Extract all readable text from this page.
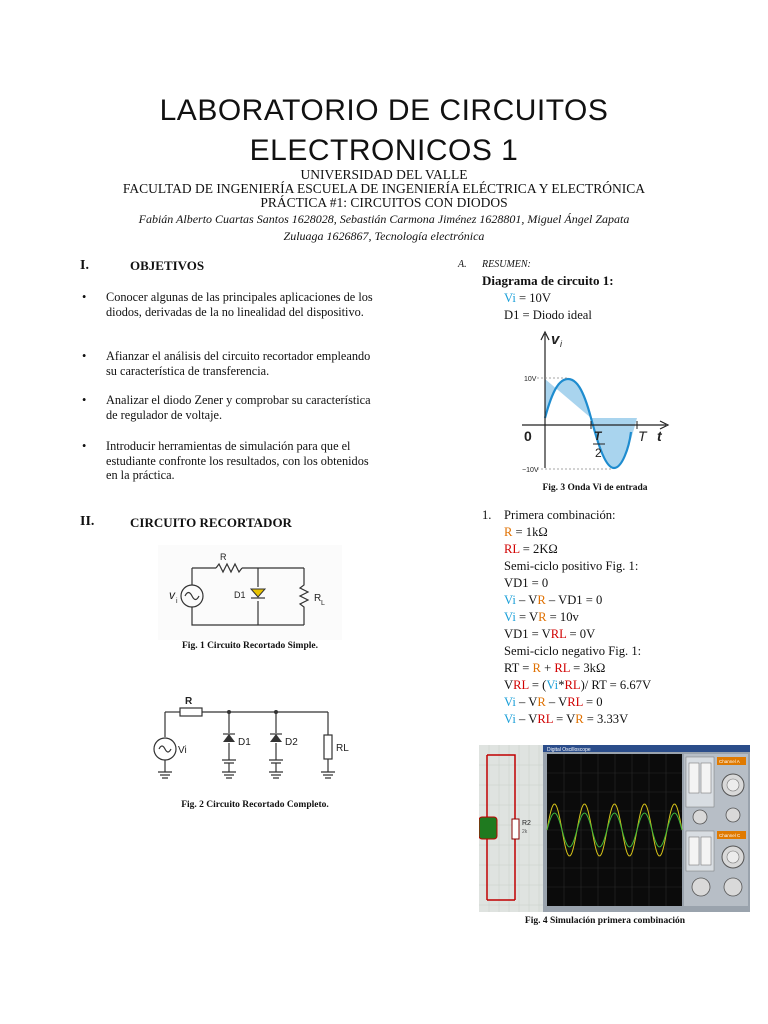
LABORATORIO DE CIRCUITOS
ELECTRONICOS 1
UNIVERSIDAD DEL VALLE
FACULTAD DE INGENIERÍA ESCUELA DE INGENIERÍA ELÉCTRICA Y ELECTRÓNICA
PRÁCTICA #1: CIRCUITOS CON DIODOS
Fabián Alberto Cuartas Santos 1628028, Sebastián Carmona Jiménez 1628801, Miguel Ángel Zapata
Zuluaga 1626867, Tecnología electrónica
I.	OBJETIVOS
• Conocer algunas de las principales aplicaciones de los diodos, derivadas de la no linealidad del dispositivo.
• Afianzar el análisis del circuito recortador empleando su característica de transferencia.
• Analizar el diodo Zener y comprobar su característica de regulador de voltaje.
• Introducir herramientas de simulación para que el estudiante confronte los resultados, con los obtenidos en la práctica.
II.	CIRCUITO RECORTADOR
R
D1
v i	R L
Fig. 1 Circuito Recortado Simple.
R
Vi
D1	D2
RL
Fig. 2 Circuito Recortado Completo.
A. RESUMEN:
Diagrama de circuito 1:
Vi = 10V
D1 = Diodo ideal
v i
10V
−10V
0	T
2
T t
Fig. 3 Onda Vi de entrada
1. Primera combinación:
R = 1kΩ
RL = 2KΩ
Semi-ciclo positivo Fig. 1:
VD1 = 0
Vi – VR – VD1 = 0
Vi = VR = 10v
VD1 = VRL = 0V
Semi-ciclo negativo Fig. 1:
RT = R + RL = 3kΩ
VRL = (Vi*RL)/ RT = 6.67V
Vi – VR – VRL = 0
Vi – VRL = VR = 3.33V
R2
2k
Digital Oscilloscope
Channel A
Channel C
Fig. 4 Simulación primera combinación
